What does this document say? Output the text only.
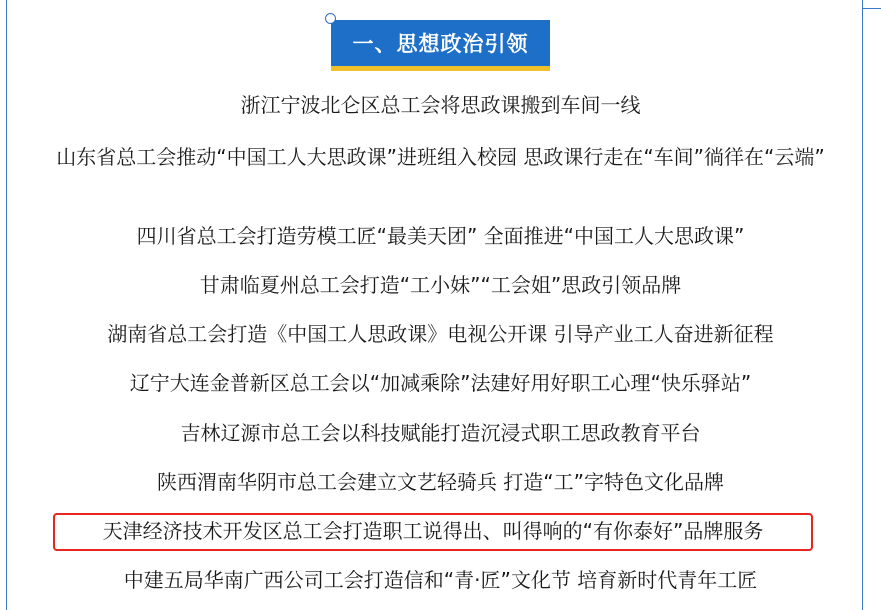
一、思想政治引领
浙江宁波北仑区总工会将思政课搬到车间一线
山东省总工会推动“中国工人大思政课”进班组入校园 思政课行走在“车间”徜徉在“云端”
四川省总工会打造劳模工匠“最美天团” 全面推进“中国工人大思政课”
甘肃临夏州总工会打造“工小妹”“工会姐”思政引领品牌
湖南省总工会打造《中国工人思政课》电视公开课 引导产业工人奋进新征程
辽宁大连金普新区总工会以“加减乘除”法建好用好职工心理“快乐驿站”
吉林辽源市总工会以科技赋能打造沉浸式职工思政教育平台
陕西渭南华阴市总工会建立文艺轻骑兵 打造“工”字特色文化品牌
天津经济技术开发区总工会打造职工说得出、叫得响的“有你泰好”品牌服务
中建五局华南广西公司工会打造信和“青·匠”文化节 培育新时代青年工匠
